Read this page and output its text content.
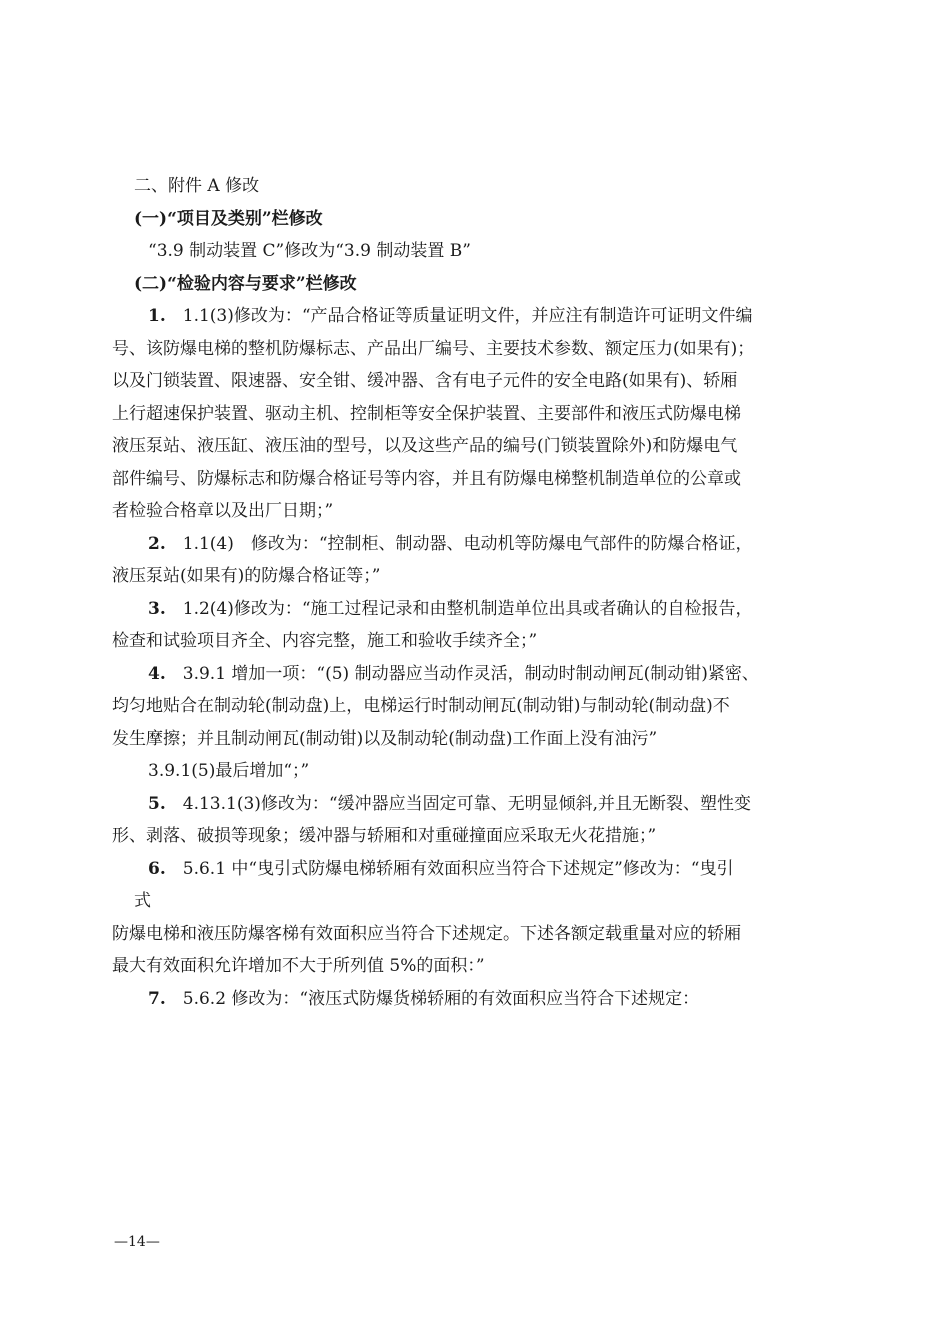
二、附件 A 修改

(一)“项目及类别”栏修改

“3.9 制动装置 C”修改为“3.9 制动装置 B”

(二)“检验内容与要求”栏修改

1.　 1.1(3)修改为：“产品合格证等质量证明文件，并应注有制造许可证明文件编

号、该防爆电梯的整机防爆标志、产品出厂编号、主要技术参数、额定压力(如果有)；

以及门锁装置、限速器、安全钳、缓冲器、含有电子元件的安全电路(如果有)、轿厢

上行超速保护装置、驱动主机、控制柜等安全保护装置、主要部件和液压式防爆电梯

液压泵站、液压缸、液压油的型号，以及这些产品的编号(门锁装置除外)和防爆电气

部件编号、防爆标志和防爆合格证号等内容，并且有防爆电梯整机制造单位的公章或

者检验合格章以及出厂日期；”

2.　 1.1(4)　修改为：“控制柜、制动器、电动机等防爆电气部件的防爆合格证，

液压泵站(如果有)的防爆合格证等；”

3.　 1.2(4)修改为：“施工过程记录和由整机制造单位出具或者确认的自检报告，

检查和试验项目齐全、内容完整，施工和验收手续齐全；”

4.　 3.9.1 增加一项：“(5) 制动器应当动作灵活，制动时制动闸瓦(制动钳)紧密、

均匀地贴合在制动轮(制动盘)上，电梯运行时制动闸瓦(制动钳)与制动轮(制动盘)不

发生摩擦；并且制动闸瓦(制动钳)以及制动轮(制动盘)工作面上没有油污”

3.9.1(5)最后增加“；”

5.　 4.13.1(3)修改为：“缓冲器应当固定可靠、无明显倾斜,并且无断裂、塑性变

形、剥落、破损等现象；缓冲器与轿厢和对重碰撞面应采取无火花措施；”

6.　 5.6.1 中“曳引式防爆电梯轿厢有效面积应当符合下述规定”修改为：“曳引

式

防爆电梯和液压防爆客梯有效面积应当符合下述规定。下述各额定载重量对应的轿厢

最大有效面积允许增加不大于所列值 5%的面积：”

7.　 5.6.2 修改为：“液压式防爆货梯轿厢的有效面积应当符合下述规定：

—14—
